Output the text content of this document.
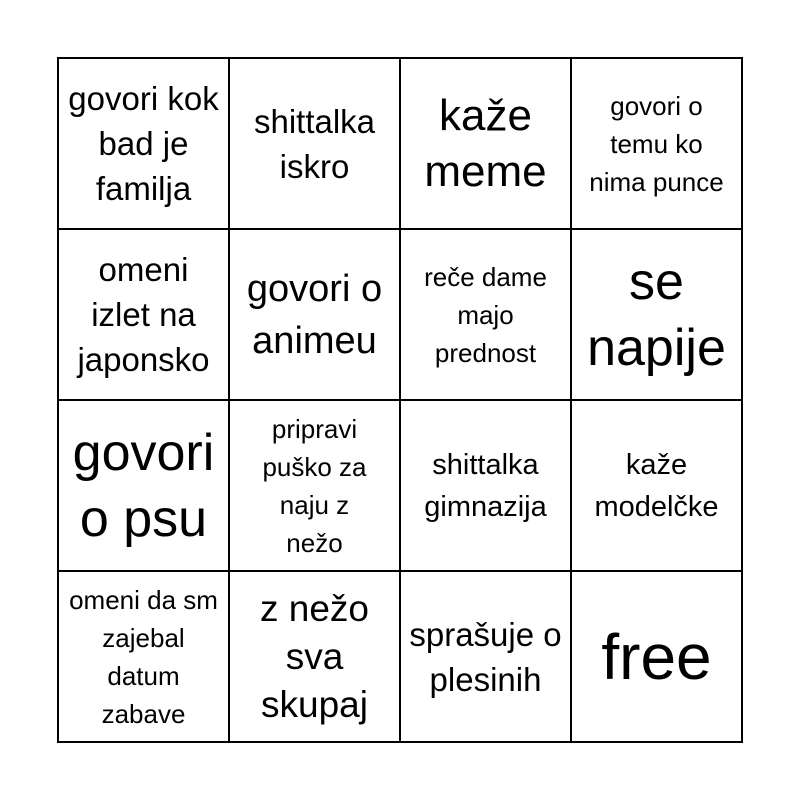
govori kok bad je familja
shittalka iskro
kaže meme
govori o temu ko nima punce
omeni izlet na japonsko
govori o animeu
reče dame majo prednost
se napije
govori o psu
pripravi puško za naju z nežo
shittalka gimnazija
kaže modelčke
omeni da sm zajebal datum zabave
z nežo sva skupaj
sprašuje o plesinih free
